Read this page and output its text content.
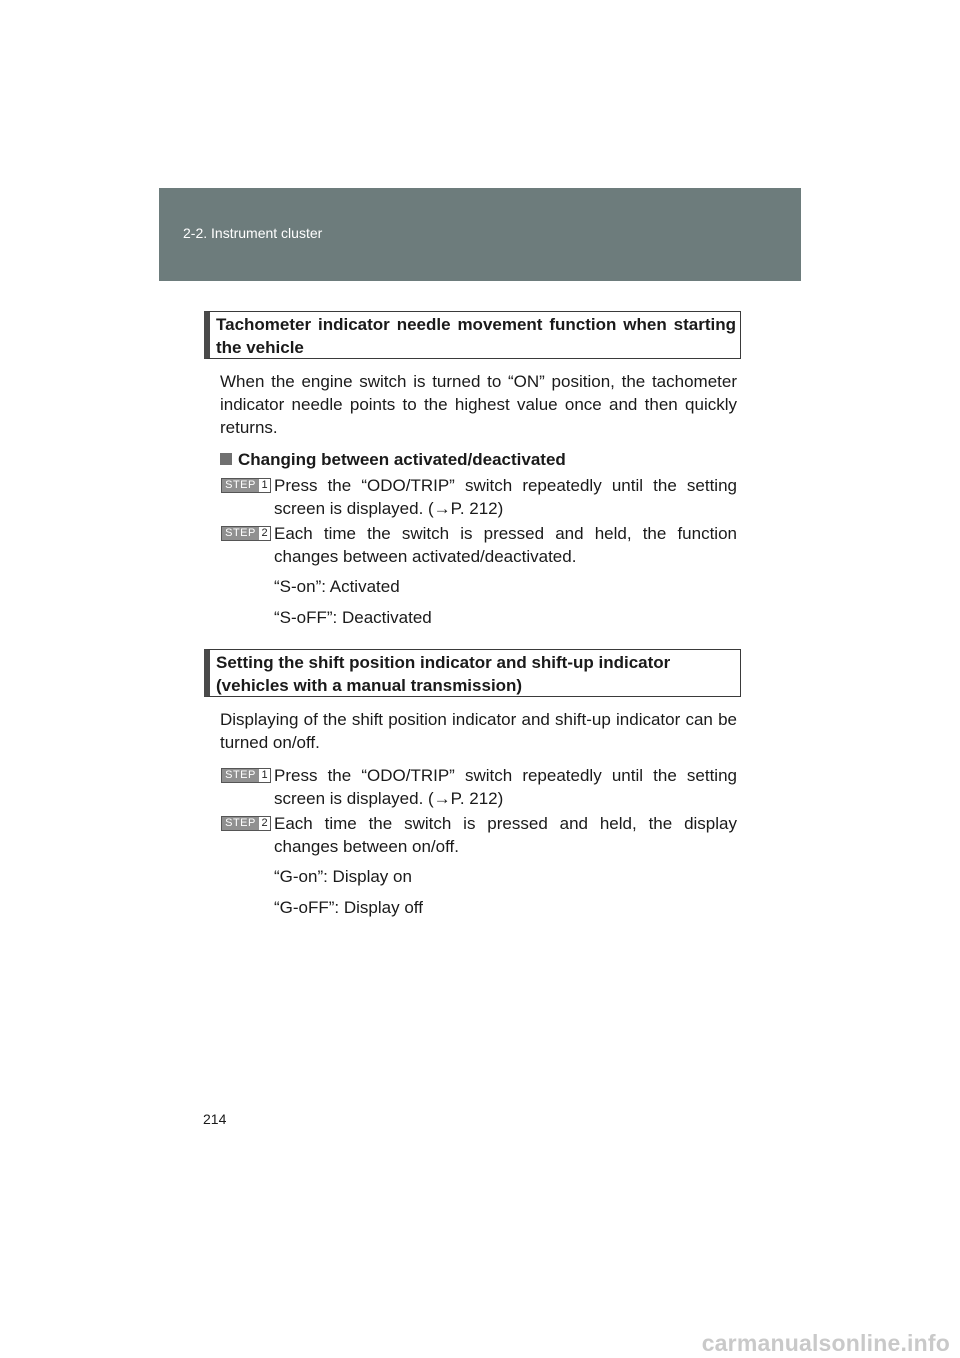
2-2. Instrument cluster
Tachometer indicator needle movement function when starting the vehicle

When the engine switch is turned to “ON” position, the tachometer indicator needle points to the highest value once and then quickly returns.

Changing between activated/deactivated
STEP 1 Press the “ODO/TRIP” switch repeatedly until the setting screen is displayed. (→P. 212)
STEP 2 Each time the switch is pressed and held, the function changes between activated/deactivated.
“S-on”: Activated
“S-oFF”: Deactivated
Setting the shift position indicator and shift-up indicator (vehicles with a manual transmission)

Displaying of the shift position indicator and shift-up indicator can be turned on/off.

STEP 1 Press the “ODO/TRIP” switch repeatedly until the setting screen is displayed. (→P. 212)
STEP 2 Each time the switch is pressed and held, the display changes between on/off.
“G-on”: Display on
“G-oFF”: Display off
214
carmanualsonline.info
